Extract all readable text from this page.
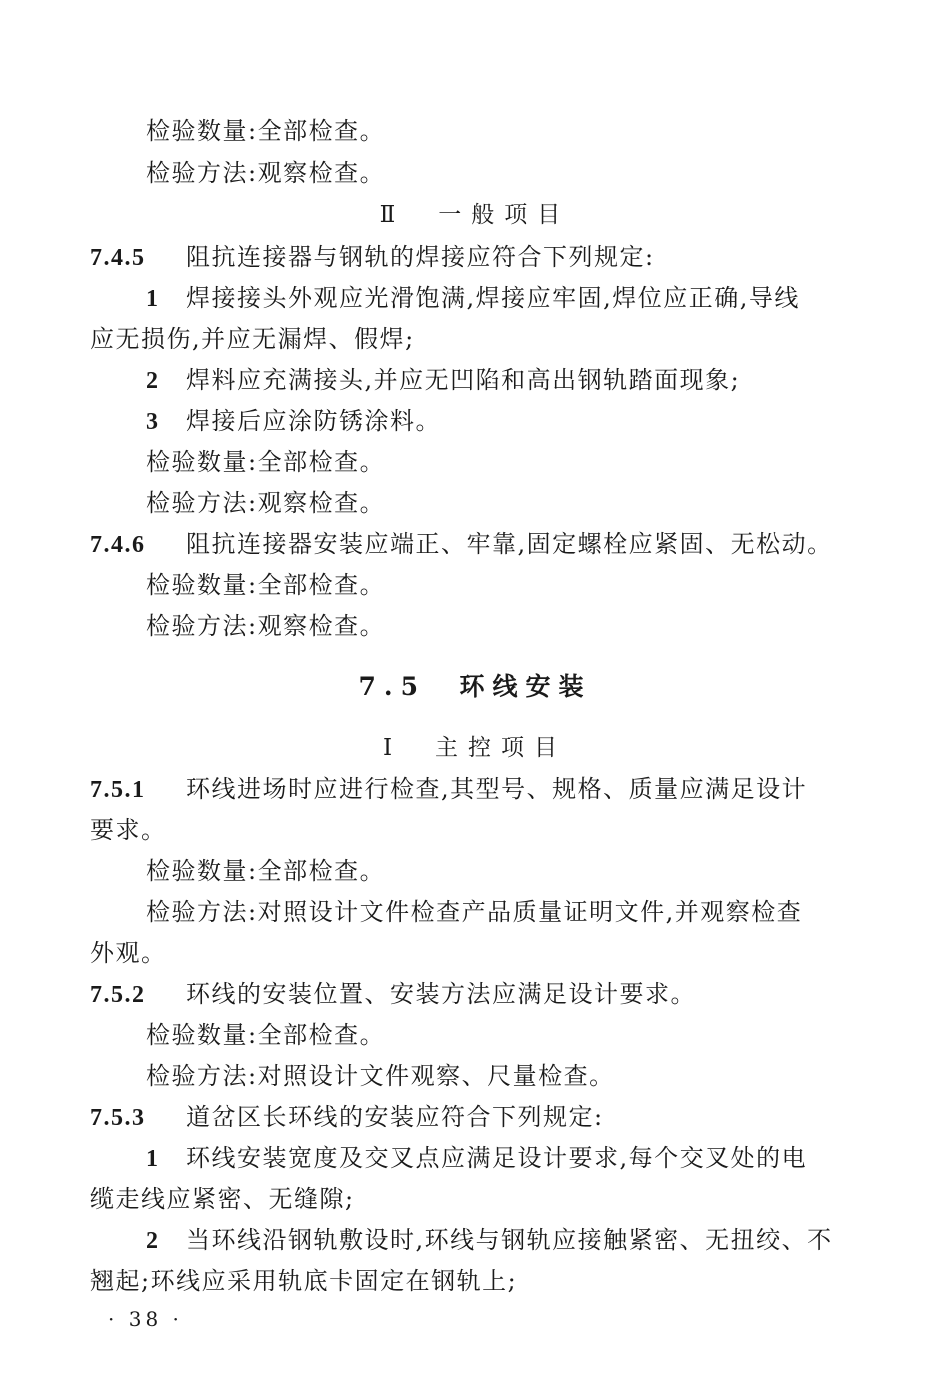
检验数量:全部检查。
检验方法:观察检查。
Ⅱ　一般项目
7.4.5 阻抗连接器与钢轨的焊接应符合下列规定:
1 焊接接头外观应光滑饱满,焊接应牢固,焊位应正确,导线
应无损伤,并应无漏焊、假焊;
2 焊料应充满接头,并应无凹陷和高出钢轨踏面现象;
3 焊接后应涂防锈涂料。
检验数量:全部检查。
检验方法:观察检查。
7.4.6 阻抗连接器安装应端正、牢靠,固定螺栓应紧固、无松动。
检验数量:全部检查。
检验方法:观察检查。
7.5 环线安装
Ⅰ　主控项目
7.5.1 环线进场时应进行检查,其型号、规格、质量应满足设计
要求。
检验数量:全部检查。
检验方法:对照设计文件检查产品质量证明文件,并观察检查
外观。
7.5.2 环线的安装位置、安装方法应满足设计要求。
检验数量:全部检查。
检验方法:对照设计文件观察、尺量检查。
7.5.3 道岔区长环线的安装应符合下列规定:
1 环线安装宽度及交叉点应满足设计要求,每个交叉处的电
缆走线应紧密、无缝隙;
2 当环线沿钢轨敷设时,环线与钢轨应接触紧密、无扭绞、不
翘起;环线应采用轨底卡固定在钢轨上;
· 38 ·
